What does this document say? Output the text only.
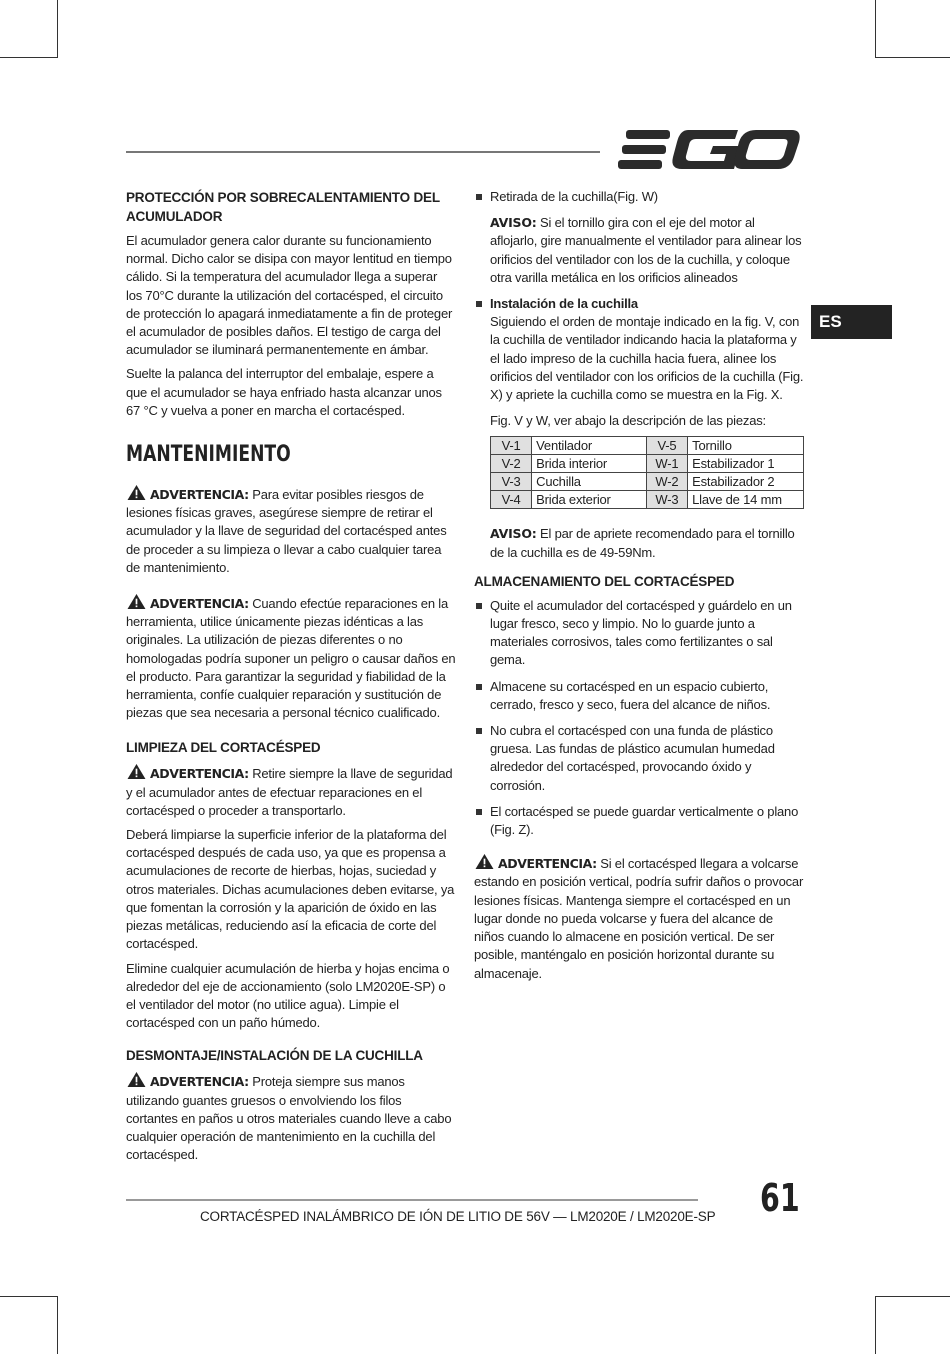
ES
PROTECCIÓN POR SOBRECALENTAMIENTO DEL ACUMULADOR

El acumulador genera calor durante su funcionamiento normal. Dicho calor se disipa con mayor lentitud en tiempo cálido. Si la temperatura del acumulador llega a superar los 70°C durante la utilización del cortacésped, el circuito de protección lo apagará inmediatamente a fin de proteger el acumulador de posibles daños. El testigo de carga del acumulador se iluminará permanentemente en ámbar.

Suelte la palanca del interruptor del embalaje, espere a que el acumulador se haya enfriado hasta alcanzar unos 67 °C y vuelva a poner en marcha el cortacésped.

MANTENIMIENTO
ADVERTENCIA: Para evitar posibles riesgos de lesiones físicas graves, asegúrese siempre de retirar el acumulador y la llave de seguridad del cortacésped antes de proceder a su limpieza o llevar a cabo cualquier tarea de mantenimiento.
ADVERTENCIA: Cuando efectúe reparaciones en la herramienta, utilice únicamente piezas idénticas a las originales. La utilización de piezas diferentes o no homologadas podría suponer un peligro o causar daños en el producto. Para garantizar la seguridad y fiabilidad de la herramienta, confíe cualquier reparación y sustitución de piezas que sea necesaria a personal técnico cualificado.
LIMPIEZA DEL CORTACÉSPED

ADVERTENCIA: Retire siempre la llave de seguridad y el acumulador antes de efectuar reparaciones en el cortacésped o proceder a transportarlo.

Deberá limpiarse la superficie inferior de la plataforma del cortacésped después de cada uso, ya que es propensa a acumulaciones de recorte de hierbas, hojas, suciedad y otros materiales. Dichas acumulaciones deben evitarse, ya que fomentan la corrosión y la aparición de óxido en las piezas metálicas, reduciendo así la eficacia de corte del cortacésped.

Elimine cualquier acumulación de hierba y hojas encima o alrededor del eje de accionamiento (solo LM2020E-SP) o el ventilador del motor (no utilice agua). Limpie el cortacésped con un paño húmedo.

DESMONTAJE/INSTALACIÓN DE LA CUCHILLA

ADVERTENCIA: Proteja siempre sus manos utilizando guantes gruesos o envolviendo los filos cortantes en paños u otros materiales cuando lleve a cabo cualquier operación de mantenimiento en la cuchilla del cortacésped.

Retirada de la cuchilla(Fig. W)

AVISO: Si el tornillo gira con el eje del motor al aflojarlo, gire manualmente el ventilador para alinear los orificios del ventilador con los de la cuchilla, y coloque otra varilla metálica en los orificios alineados

Instalación de la cuchilla
Siguiendo el orden de montaje indicado en la fig. V, con la cuchilla de ventilador indicando hacia la plataforma y el lado impreso de la cuchilla hacia fuera, alinee los orificios del ventilador con los orificios de la cuchilla (Fig. X) y apriete la cuchilla como se muestra en la Fig. X.

Fig. V y W, ver abajo la descripción de las piezas:

V-1	Ventilador	V-5	Tornillo
V-2	Brida interior	W-1	Estabilizador 1
V-3	Cuchilla	W-2	Estabilizador 2
V-4	Brida exterior	W-3	Llave de 14 mm

AVISO: El par de apriete recomendado para el tornillo de la cuchilla es de 49-59Nm.

ALMACENAMIENTO DEL CORTACÉSPED
Quite el acumulador del cortacésped y guárdelo en un lugar fresco, seco y limpio. No lo guarde junto a materiales corrosivos, tales como fertilizantes o sal gema.
Almacene su cortacésped en un espacio cubierto, cerrado, fresco y seco, fuera del alcance de niños.
No cubra el cortacésped con una funda de plástico gruesa. Las fundas de plástico acumulan humedad alrededor del cortacésped, provocando óxido y corrosión.
El cortacésped se puede guardar verticalmente o plano (Fig. Z).

ADVERTENCIA: Si el cortacésped llegara a volcarse estando en posición vertical, podría sufrir daños o provocar lesiones físicas. Mantenga siempre el cortacésped en un lugar donde no pueda volcarse y fuera del alcance de niños cuando lo almacene en posición vertical. De ser posible, manténgalo en posición horizontal durante su almacenaje.

CORTACÉSPED INALÁMBRICO DE IÓN DE LITIO DE 56V — LM2020E / LM2020E-SP 61
